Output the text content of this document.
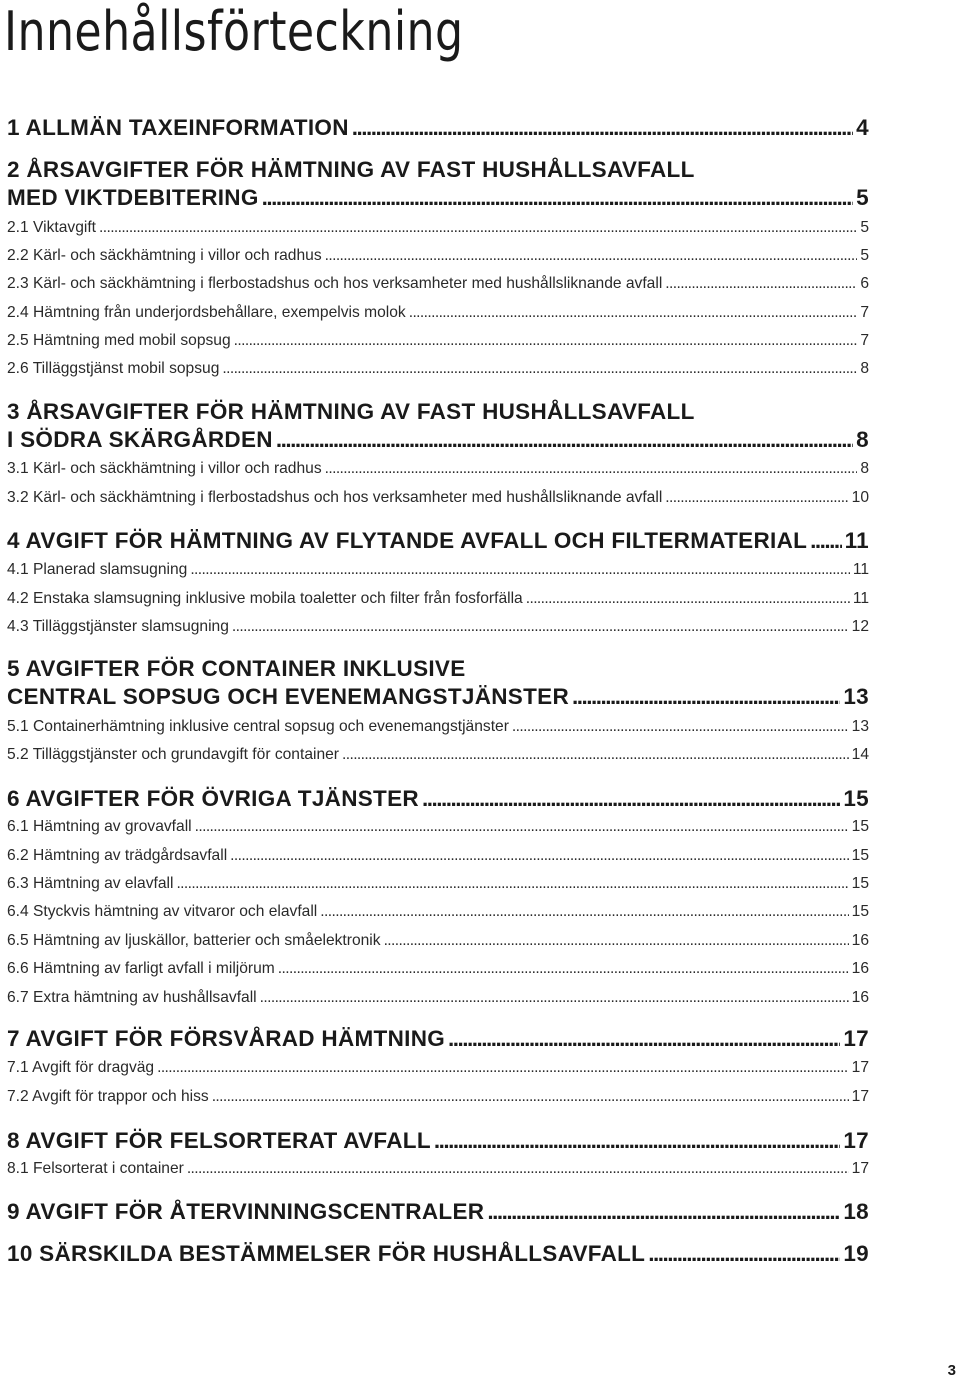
Innehållsförteckning
1 ALLMÄN TAXEINFORMATION .....	4
2 ÅRSAVGIFTER FÖR HÄMTNING AV FAST HUSHÅLLSAVFALL
MED VIKTDEBITERING .....	5
2.1 Viktavgift .....	5
2.2 Kärl- och säckhämtning i villor och radhus .....	5
2.3 Kärl- och säckhämtning i flerbostadshus och hos verksamheter med hushållsliknande avfall .....	6
2.4 Hämtning från underjordsbehållare, exempelvis molok .....	7
2.5 Hämtning med mobil sopsug .....	7
2.6 Tilläggstjänst mobil sopsug .....	8
3 ÅRSAVGIFTER FÖR HÄMTNING AV FAST HUSHÅLLSAVFALL
I SÖDRA SKÄRGÅRDEN .....	8
3.1 Kärl- och säckhämtning i villor och radhus .....	8
3.2 Kärl- och säckhämtning i flerbostadshus och hos verksamheter med hushållsliknande avfall .....	10
4 AVGIFT FÖR HÄMTNING AV FLYTANDE AVFALL OCH FILTERMATERIAL ..... 11
4.1 Planerad slamsugning .....	11
4.2 Enstaka slamsugning inklusive mobila toaletter och filter från fosforfälla .....	11
4.3 Tilläggstjänster slamsugning .....	12
5 AVGIFTER FÖR CONTAINER INKLUSIVE
CENTRAL SOPSUG OCH EVENEMANGSTJÄNSTER .....	13
5.1 Containerhämtning inklusive central sopsug och evenemangstjänster .....	13
5.2 Tilläggstjänster och grundavgift för container .....	14
6 AVGIFTER FÖR ÖVRIGA TJÄNSTER .....	15
6.1 Hämtning av grovavfall .....	15
6.2 Hämtning av trädgårdsavfall .....	15
6.3 Hämtning av elavfall .....	15
6.4 Styckvis hämtning av vitvaror och elavfall .....	15
6.5 Hämtning av ljuskällor, batterier och småelektronik .....	16
6.6 Hämtning av farligt avfall i miljörum .....	16
6.7 Extra hämtning av hushållsavfall .....	16
7 AVGIFT FÖR FÖRSVÅRAD HÄMTNING .....	17
7.1 Avgift för dragväg .....	17
7.2 Avgift för trappor och hiss .....	17
8 AVGIFT FÖR FELSORTERAT AVFALL .....	17
8.1 Felsorterat i container .....	17
9 AVGIFT FÖR ÅTERVINNINGSCENTRALER .....	18
10 SÄRSKILDA BESTÄMMELSER FÖR HUSHÅLLSAVFALL .....	19
3
